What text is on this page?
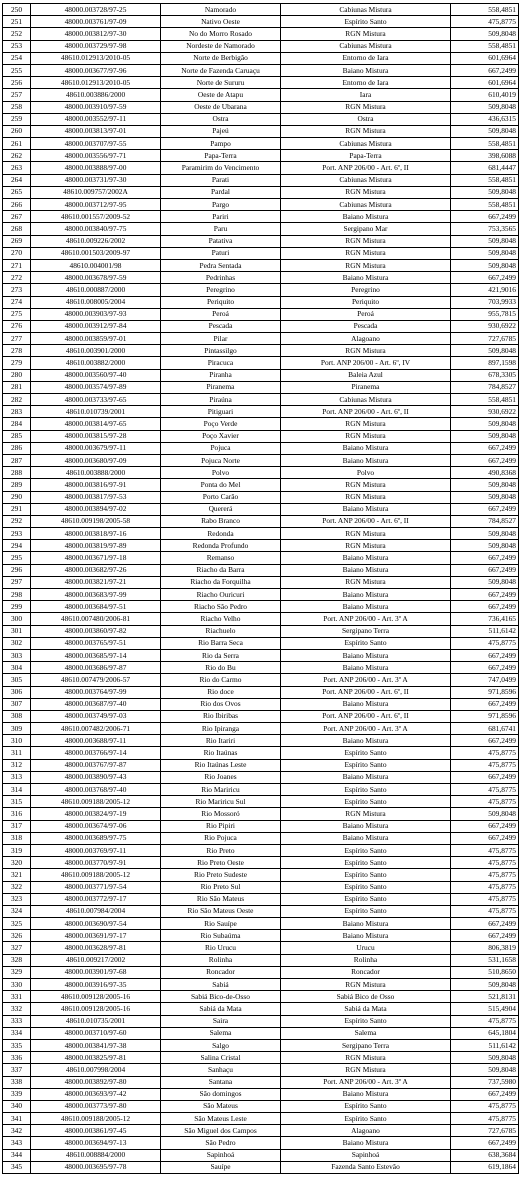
250	48000.003728/97-25	Namorado	Cabiunas Mistura	558,4851
251	48000.003761/97-09	Nativo Oeste	Espírito Santo	475,8775
252	48000.003812/97-30	No do Morro Rosado	RGN Mistura	509,8048
253	48000.003729/97-98	Nordeste de Namorado	Cabiunas Mistura	558,4851
254	48610.012913/2010-05	Norte de Berbigão	Entorno de Iara	601,6964
255	48000.003677/97-96	Norte de Fazenda Caruaçu	Baiano Mistura	667,2499
256	48610.012913/2010-05	Norte de Sururu	Entorno de Iara	601,6964
257	48610.003886/2000	Oeste de Atapu	Iara	610,4019
258	48000.003910/97-59	Oeste de Ubarana	RGN Mistura	509,8048
259	48000.003552/97-11	Ostra	Ostra	436,6315
260	48000.003813/97-01	Pajeú	RGN Mistura	509,8048
261	48000.003707/97-55	Pampo	Cabiunas Mistura	558,4851
262	48000.003556/97-71	Papa-Terra	Papa-Terra	398,6088
263	48000.003888/97-00	Paramirim do Vencimento	Port. ANP 206/00 - Art. 6º, II	681,4447
264	48000.003731/97-30	Parati	Cabiunas Mistura	558,4851
265	48610.009757/2002A	Pardal	RGN Mistura	509,8048
266	48000.003712/97-95	Pargo	Cabiunas Mistura	558,4851
267	48610.001557/2009-52	Pariri	Baiano Mistura	667,2499
268	48000.003840/97-75	Paru	Sergipano Mar	753,3565
269	48610.009226/2002	Patativa	RGN Mistura	509,8048
270	48610.001503/2009-97	Paturi	RGN Mistura	509,8048
271	48610.004001/98	Pedra Sentada	RGN Mistura	509,8048
272	48000.003678/97-59	Pedrinhas	Baiano Mistura	667,2499
273	48610.000887/2000	Peregrino	Peregrino	421,9016
274	48610.008005/2004	Periquito	Periquito	703,9933
275	48000.003903/97-93	Peroá	Peroá	955,7815
276	48000.003912/97-84	Pescada	Pescada	930,6922
277	48000.003859/97-01	Pilar	Alagoano	727,6785
278	48610.003901/2000	Pintassilgo	RGN Mistura	509,8048
279	48610.003882/2000	Piracuca	Port. ANP 206/00 - Art. 6º, IV	897,1598
280	48000.003560/97-40	Piranha	Baleia Azul	678,3305
281	48000.003574/97-89	Piranema	Piranema	784,8527
282	48000.003733/97-65	Piraúna	Cabiunas Mistura	558,4851
283	48610.010739/2001	Pitiguari	Port. ANP 206/00 - Art. 6º, II	930,6922
284	48000.003814/97-65	Poço Verde	RGN Mistura	509,8048
285	48000.003815/97-28	Poço Xavier	RGN Mistura	509,8048
286	48000.003679/97-11	Pojuca	Baiano Mistura	667,2499
287	48000.003680/97-09	Pojuca Norte	Baiano Mistura	667,2499
288	48610.003888/2000	Polvo	Polvo	490,8368
289	48000.003816/97-91	Ponta do Mel	RGN Mistura	509,8048
290	48000.003817/97-53	Porto Carão	RGN Mistura	509,8048
291	48000.003894/97-02	Quererá	Baiano Mistura	667,2499
292	48610.009198/2005-58	Rabo Branco	Port. ANP 206/00 - Art. 6º, II	784,8527
293	48000.003818/97-16	Redonda	RGN Mistura	509,8048
294	48000.003819/97-89	Redonda Profundo	RGN Mistura	509,8048
295	48000.003671/97-18	Remanso	Baiano Mistura	667,2499
296	48000.003682/97-26	Riacho da Barra	Baiano Mistura	667,2499
297	48000.003821/97-21	Riacho da Forquilha	RGN Mistura	509,8048
298	48000.003683/97-99	Riacho Ouricuri	Baiano Mistura	667,2499
299	48000.003684/97-51	Riacho São Pedro	Baiano Mistura	667,2499
300	48610.007480/2006-81	Riacho Velho	Port. ANP 206/00 - Art. 3º A	736,4165
301	48000.003860/97-82	Riachuelo	Sergipano Terra	511,6142
302	48000.003765/97-51	Rio Barra Seca	Espírito Santo	475,8775
303	48000.003685/97-14	Rio da Serra	Baiano Mistura	667,2499
304	48000.003686/97-87	Rio do Bu	Baiano Mistura	667,2499
305	48610.007479/2006-57	Rio do Carmo	Port. ANP 206/00 - Art. 3º A	747,0499
306	48000.003764/97-99	Rio doce	Port. ANP 206/00 - Art. 6º, II	971,8596
307	48000.003687/97-40	Rio dos Ovos	Baiano Mistura	667,2499
308	48000.003749/97-03	Rio Ibiribas	Port. ANP 206/00 - Art. 6º, II	971,8596
309	48610.007482/2006-71	Rio Ipiranga	Port. ANP 206/00 - Art. 3º A	681,6741
310	48000.003688/97-11	Rio Itariri	Baiano Mistura	667,2499
311	48000.003766/97-14	Rio Itaúnas	Espírito Santo	475,8775
312	48000.003767/97-87	Rio Itaúnas Leste	Espírito Santo	475,8775
313	48000.003890/97-43	Rio Joanes	Baiano Mistura	667,2499
314	48000.003768/97-40	Rio Mariricu	Espírito Santo	475,8775
315	48610.009188/2005-12	Rio Mariricu Sul	Espírito Santo	475,8775
316	48000.003824/97-19	Rio Mossoró	RGN Mistura	509,8048
317	48000.003674/97-06	Rio Pipiri	Baiano Mistura	667,2499
318	48000.003689/97-75	Rio Pojuca	Baiano Mistura	667,2499
319	48000.003769/97-11	Rio Preto	Espírito Santo	475,8775
320	48000.003770/97-91	Rio Preto Oeste	Espírito Santo	475,8775
321	48610.009188/2005-12	Rio Preto Sudeste	Espírito Santo	475,8775
322	48000.003771/97-54	Rio Preto Sul	Espírito Santo	475,8775
323	48000.003772/97-17	Rio São Mateus	Espírito Santo	475,8775
324	48610.007984/2004	Rio São Mateus Oeste	Espírito Santo	475,8775
325	48000.003690/97-54	Rio Sauípe	Baiano Mistura	667,2499
326	48000.003691/97-17	Rio Subaúma	Baiano Mistura	667,2499
327	48000.003628/97-81	Rio Urucu	Urucu	806,3819
328	48610.009217/2002	Rolinha	Rolinha	531,1658
329	48000.003901/97-68	Roncador	Roncador	510,8650
330	48000.003916/97-35	Sabiá	RGN Mistura	509,8048
331	48610.009128/2005-16	Sabiá Bico-de-Osso	Sabiá Bico de Osso	521,8131
332	48610.009128/2005-16	Sabiá da Mata	Sabiá da Mata	515,4904
333	48610.010735/2001	Saira	Espírito Santo	475,8775
334	48000.003710/97-60	Salema	Salema	645,1804
335	48000.003841/97-38	Salgo	Sergipano Terra	511,6142
336	48000.003825/97-81	Salina Cristal	RGN Mistura	509,8048
337	48610.007998/2004	Sanhaçu	RGN Mistura	509,8048
338	48000.003892/97-80	Santana	Port. ANP 206/00 - Art. 3º A	737,5980
339	48000.003693/97-42	São domingos	Baiano Mistura	667,2499
340	48000.003773/97-80	São Mateus	Espírito Santo	475,8775
341	48610.009188/2005-12	São Mateus Leste	Espírito Santo	475,8775
342	48000.003861/97-45	São Miguel dos Campos	Alagoano	727,6785
343	48000.003694/97-13	São Pedro	Baiano Mistura	667,2499
344	48610.008884/2000	Sapinhoá	Sapinhoá	638,3684
345	48000.003695/97-78	Sauípe	Fazenda Santo Estevão	619,1864
